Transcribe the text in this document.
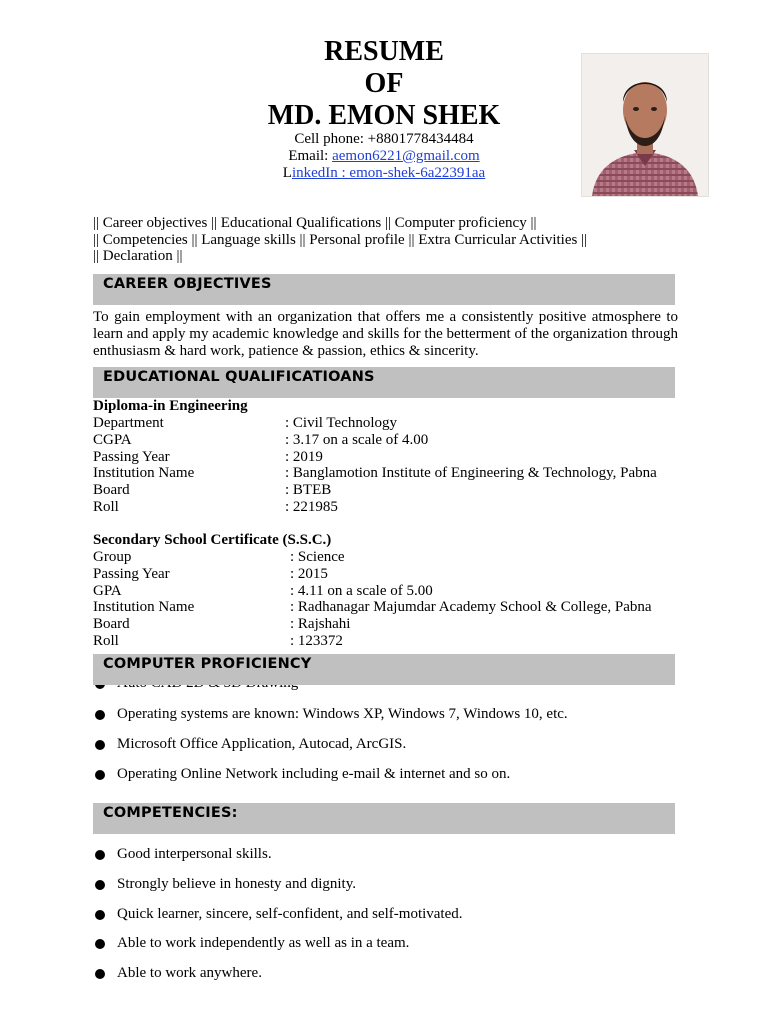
RESUME
OF
MD. EMON SHEK
Cell phone: +8801778434484
Email: aemon6221@gmail.com
LinkedIn : emon-shek-6a22391aa
|| Career objectives || Educational Qualifications || Computer proficiency ||
|| Competencies || Language skills || Personal profile || Extra Curricular Activities ||
|| Declaration ||
CAREER OBJECTIVES
To gain employment with an organization that offers me a consistently positive atmosphere to learn and apply my academic knowledge and skills for the betterment of the organization through enthusiasm & hard work, patience & passion, ethics & sincerity.
EDUCATIONAL QUALIFICATIOANS
Diploma-in Engineering
Department	: Civil Technology
CGPA	: 3.17 on a scale of 4.00
Passing Year	: 2019
Institution Name	: Banglamotion Institute of Engineering & Technology, Pabna
Board	: BTEB
Roll	: 221985
Secondary School Certificate (S.S.C.)
Group	: Science
Passing Year	: 2015
GPA	: 4.11 on a scale of 5.00
Institution Name	: Radhanagar Majumdar Academy School & College, Pabna
Board	: Rajshahi
Roll	: 123372
COMPUTER PROFICIENCY
Operating systems are known: Windows XP, Windows 7, Windows 10, etc.
Microsoft Office Application, Autocad, ArcGIS.
Operating Online Network including e-mail & internet and so on.
COMPETENCIES:
Good interpersonal skills.
Strongly believe in honesty and dignity.
Quick learner, sincere, self-confident, and self-motivated.
Able to work independently as well as in a team.
Able to work anywhere.
